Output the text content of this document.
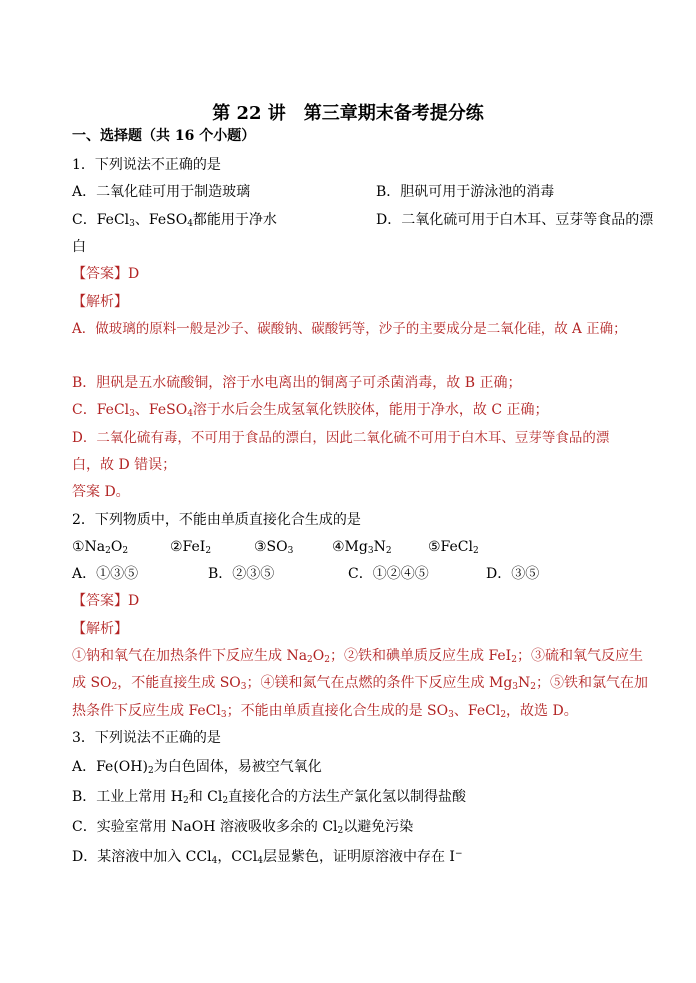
第 22 讲　第三章期末备考提分练
一、选择题（共 16 个小题）
1．下列说法不正确的是
A．二氧化硅可用于制造玻璃	B．胆矾可用于游泳池的消毒
C．FeCl$_3$、FeSO$_4$都能用于净水	D．二氧化硫可用于白木耳、豆芽等食品的漂
白
【答案】D
【解析】
A．做玻璃的原料一般是沙子、碳酸钠、碳酸钙等，沙子的主要成分是二氧化硅，故 A 正确；
B．胆矾是五水硫酸铜，溶于水电离出的铜离子可杀菌消毒，故 B 正确；
C．FeCl$_3$、FeSO$_4$溶于水后会生成氢氧化铁胶体，能用于净水，故 C 正确；
D．二氧化硫有毒，不可用于食品的漂白，因此二氧化硫不可用于白木耳、豆芽等食品的漂
白，故 D 错误；
答案 D。
2．下列物质中，不能由单质直接化合生成的是
$①Na_2O_2$	②FeI$_2$	$③SO_3$	$④Mg_3N_2$	⑤FeCl$_2$
A．①③⑤	B．②③⑤	C．①②④⑤	D．③⑤
【答案】D
【解析】
①钠和氧气在加热条件下反应生成 $Na_2O_2$；②铁和碘单质反应生成 FeI$_2$；③硫和氧气反应生
成 $SO_2$，不能直接生成 $SO_3$；④镁和氮气在点燃的条件下反应生成 $Mg_3N_2$；⑤铁和氯气在加
热条件下反应生成 FeCl$_3$；不能由单质直接化合生成的是 $SO_3$、FeCl$_2$，故选 D。
3．下列说法不正确的是
A．$Fe(OH)_2$为白色固体，易被空气氧化
B．工业上常用 $H_2$和 $Cl_2$直接化合的方法生产氯化氢以制得盐酸
C．实验室常用 NaOH 溶液吸收多余的 $Cl_2$以避免污染
D．某溶液中加入 CCl$_4$，CCl$_4$层显紫色，证明原溶液中存在 I−
